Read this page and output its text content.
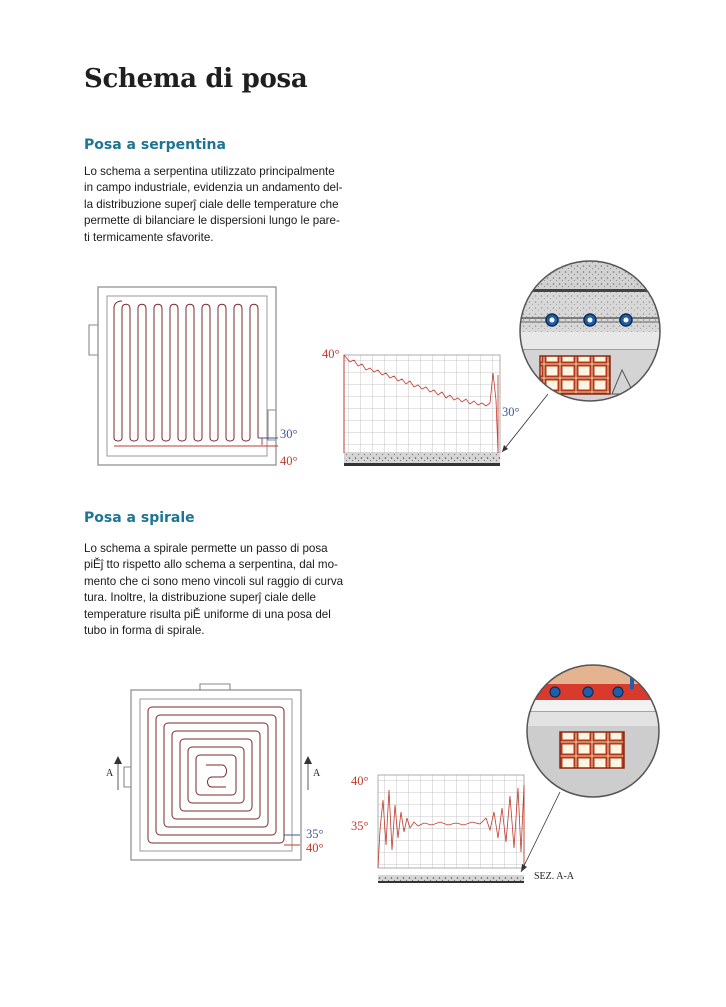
Schema di posa
Posa a serpentina
Lo schema a serpentina utilizzato principalmente
in campo industriale, evidenzia un andamento del-
la distribuzione superĵ ciale delle temperature che
permette di bilanciare le dispersioni lungo le pare-
ti termicamente sfavorite.
Posa a spirale
Lo schema a spirale permette un passo di posa
piĚĵ tto rispetto allo schema a serpentina, dal mo-
mento che ci sono meno vincoli sul raggio di curva
tura. Inoltre, la distribuzione superĵ ciale delle
temperature risulta piĚ uniforme di una posa del
tubo in forma di spirale.
30°
40°
40°
30°
A	A
35°
40°
40°
35°
SEZ. A-A
